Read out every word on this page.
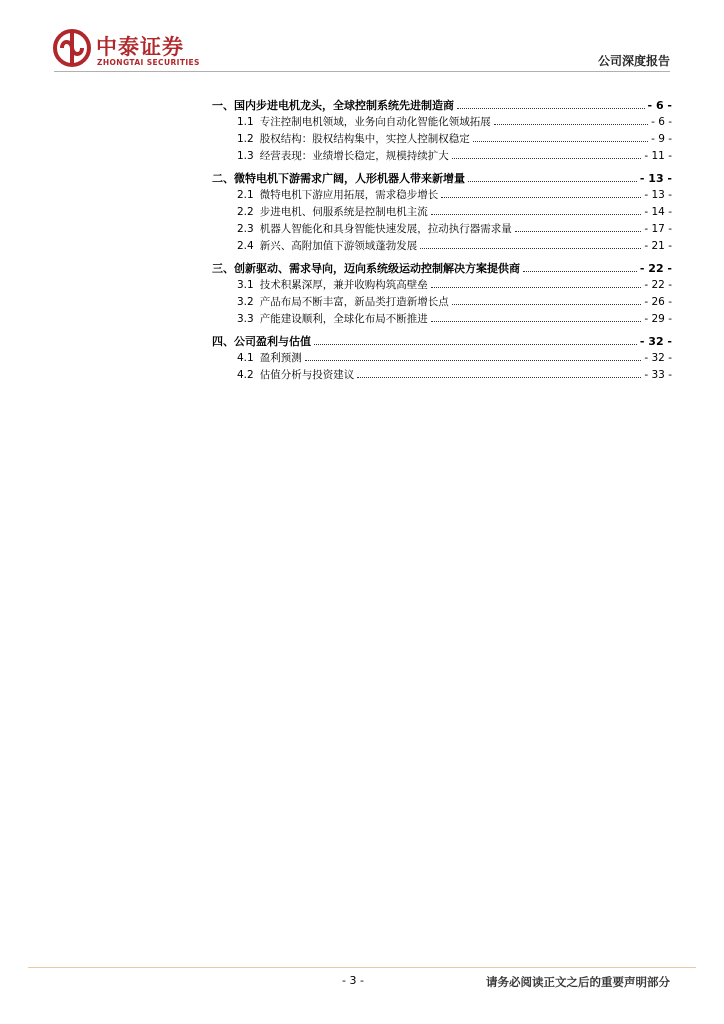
中泰证券
ZHONGTAI SECURITIES	公司深度报告
一、国内步进电机龙头，全球控制系统先进制造商	- 6 -
1.1 专注控制电机领域，业务向自动化智能化领域拓展	- 6 -
1.2 股权结构：股权结构集中，实控人控制权稳定	- 9 -
1.3 经营表现：业绩增长稳定，规模持续扩大	- 11 -
二、微特电机下游需求广阔，人形机器人带来新增量	- 13 -
2.1 微特电机下游应用拓展，需求稳步增长	- 13 -
2.2 步进电机、伺服系统是控制电机主流	- 14 -
2.3 机器人智能化和具身智能快速发展，拉动执行器需求量	- 17 -
2.4 新兴、高附加值下游领域蓬勃发展	- 21 -
三、创新驱动、需求导向，迈向系统级运动控制解决方案提供商	- 22 -
3.1 技术积累深厚，兼并收购构筑高壁垒	- 22 -
3.2 产品布局不断丰富，新品类打造新增长点	- 26 -
3.3 产能建设顺利，全球化布局不断推进	- 29 -
四、公司盈利与估值	- 32 -
4.1 盈利预测	- 32 -
4.2 估值分析与投资建议	- 33 -
- 3 -	请务必阅读正文之后的重要声明部分
